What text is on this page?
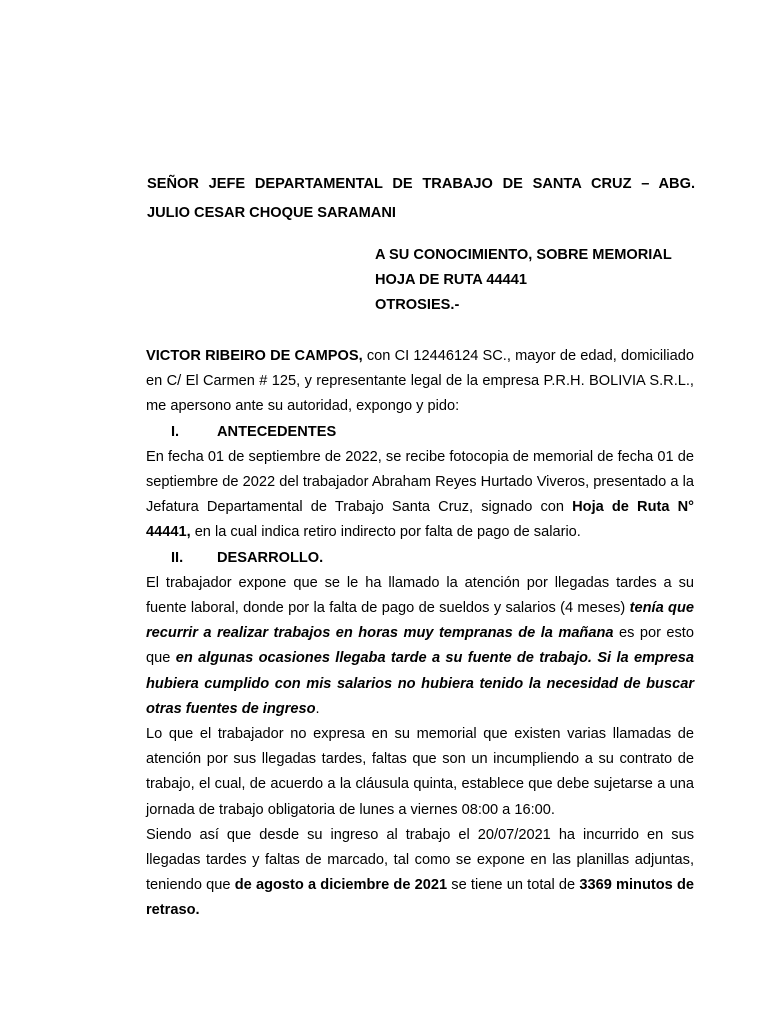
SEÑOR JEFE DEPARTAMENTAL DE TRABAJO DE SANTA CRUZ – ABG.
JULIO CESAR CHOQUE SARAMANI
A SU CONOCIMIENTO, SOBRE MEMORIAL
HOJA DE RUTA 44441
OTROSIES.-

VICTOR RIBEIRO DE CAMPOS, con CI 12446124 SC., mayor de edad, domiciliado en C/ El Carmen # 125, y representante legal de la empresa P.R.H. BOLIVIA S.R.L., me apersono ante su autoridad, expongo y pido:

I.	ANTECEDENTES

En fecha 01 de septiembre de 2022, se recibe fotocopia de memorial de fecha 01 de septiembre de 2022 del trabajador Abraham Reyes Hurtado Viveros, presentado a la Jefatura Departamental de Trabajo Santa Cruz, signado con Hoja de Ruta N° 44441, en la cual indica retiro indirecto por falta de pago de salario.

II. DESARROLLO.

El trabajador expone que se le ha llamado la atención por llegadas tardes a su fuente laboral, donde por la falta de pago de sueldos y salarios (4 meses) tenía que recurrir a realizar trabajos en horas muy tempranas de la mañana es por esto que en algunas ocasiones llegaba tarde a su fuente de trabajo. Si la empresa hubiera cumplido con mis salarios no hubiera tenido la necesidad de buscar otras fuentes de ingreso.

Lo que el trabajador no expresa en su memorial que existen varias llamadas de atención por sus llegadas tardes, faltas que son un incumpliendo a su contrato de trabajo, el cual, de acuerdo a la cláusula quinta, establece que debe sujetarse a una jornada de trabajo obligatoria de lunes a viernes 08:00 a 16:00.

Siendo así que desde su ingreso al trabajo el 20/07/2021 ha incurrido en sus llegadas tardes y faltas de marcado, tal como se expone en las planillas adjuntas, teniendo que de agosto a diciembre de 2021 se tiene un total de 3369 minutos de retraso.
